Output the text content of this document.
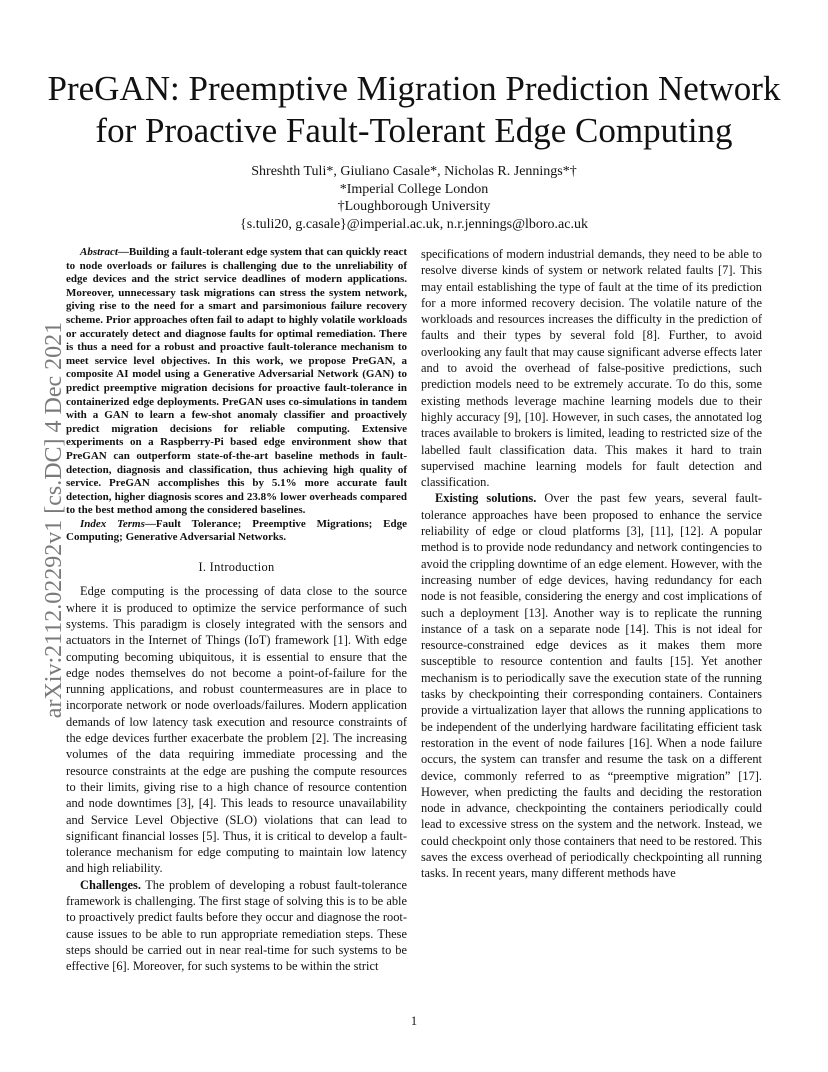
arXiv:2112.02292v1 [cs.DC] 4 Dec 2021
PreGAN: Preemptive Migration Prediction Network for Proactive Fault-Tolerant Edge Computing
Shreshth Tuli*, Giuliano Casale*, Nicholas R. Jennings*†
*Imperial College London
†Loughborough University
{s.tuli20, g.casale}@imperial.ac.uk, n.r.jennings@lboro.ac.uk

Abstract—Building a fault-tolerant edge system that can quickly react to node overloads or failures is challenging due to the unreliability of edge devices and the strict service deadlines of modern applications. Moreover, unnecessary task migrations can stress the system network, giving rise to the need for a smart and parsimonious failure recovery scheme. Prior approaches often fail to adapt to highly volatile workloads or accurately detect and diagnose faults for optimal remediation. There is thus a need for a robust and proactive fault-tolerance mechanism to meet service level objectives. In this work, we propose PreGAN, a composite AI model using a Generative Adversarial Network (GAN) to predict preemptive migration decisions for proactive fault-tolerance in containerized edge deployments. PreGAN uses co-simulations in tandem with a GAN to learn a few-shot anomaly classifier and proactively predict migration decisions for reliable computing. Extensive experiments on a Raspberry-Pi based edge environment show that PreGAN can outperform state-of-the-art baseline methods in fault-detection, diagnosis and classification, thus achieving high quality of service. PreGAN accomplishes this by 5.1% more accurate fault detection, higher diagnosis scores and 23.8% lower overheads compared to the best method among the considered baselines.

Index Terms—Fault Tolerance; Preemptive Migrations; Edge Computing; Generative Adversarial Networks.

I. Introduction

Edge computing is the processing of data close to the source where it is produced to optimize the service performance of such systems. This paradigm is closely integrated with the sensors and actuators in the Internet of Things (IoT) framework [1]. With edge computing becoming ubiquitous, it is essential to ensure that the edge nodes themselves do not become a point-of-failure for the running applications, and robust countermeasures are in place to incorporate network or node overloads/failures. Modern application demands of low latency task execution and resource constraints of the edge devices further exacerbate the problem [2]. The increasing volumes of the data requiring immediate processing and the resource constraints at the edge are pushing the compute resources to their limits, giving rise to a high chance of resource contention and node downtimes [3], [4]. This leads to resource unavailability and Service Level Objective (SLO) violations that can lead to significant financial losses [5]. Thus, it is critical to develop a fault-tolerance mechanism for edge computing to maintain low latency and high reliability.

Challenges. The problem of developing a robust fault-tolerance framework is challenging. The first stage of solving this is to be able to proactively predict faults before they occur and diagnose the root-cause issues to be able to run appropriate remediation steps. These steps should be carried out in near real-time for such systems to be effective [6]. Moreover, for such systems to be within the strict

specifications of modern industrial demands, they need to be able to resolve diverse kinds of system or network related faults [7]. This may entail establishing the type of fault at the time of its prediction for a more informed recovery decision. The volatile nature of the workloads and resources increases the difficulty in the prediction of faults and their types by several fold [8]. Further, to avoid overlooking any fault that may cause significant adverse effects later and to avoid the overhead of false-positive predictions, such prediction models need to be extremely accurate. To do this, some existing methods leverage machine learning models due to their highly accuracy [9], [10]. However, in such cases, the annotated log traces available to brokers is limited, leading to restricted size of the labelled fault classification data. This makes it hard to train supervised machine learning models for fault detection and classification.

Existing solutions. Over the past few years, several fault-tolerance approaches have been proposed to enhance the service reliability of edge or cloud platforms [3], [11], [12]. A popular method is to provide node redundancy and network contingencies to avoid the crippling downtime of an edge element. However, with the increasing number of edge devices, having redundancy for each node is not feasible, considering the energy and cost implications of such a deployment [13]. Another way is to replicate the running instance of a task on a separate node [14]. This is not ideal for resource-constrained edge devices as it makes them more susceptible to resource contention and faults [15]. Yet another mechanism is to periodically save the execution state of the running tasks by checkpointing their corresponding containers. Containers provide a virtualization layer that allows the running applications to be independent of the underlying hardware facilitating efficient task restoration in the event of node failures [16]. When a node failure occurs, the system can transfer and resume the task on a different device, commonly referred to as “preemptive migration” [17]. However, when predicting the faults and deciding the restoration node in advance, checkpointing the containers periodically could lead to excessive stress on the system and the network. Instead, we could checkpoint only those containers that need to be restored. This saves the excess overhead of periodically checkpointing all running tasks. In recent years, many different methods have

1
